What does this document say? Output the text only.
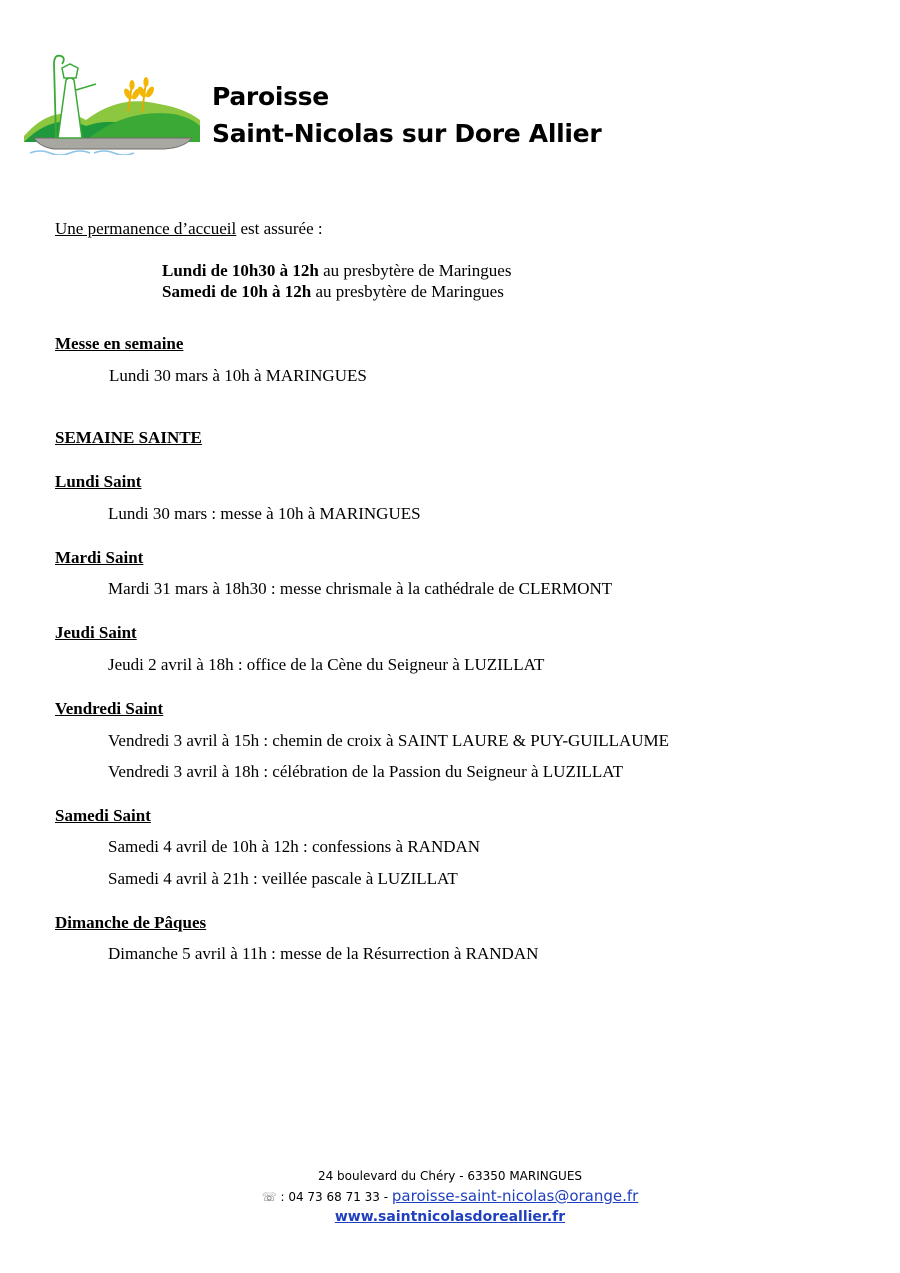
Paroisse
Saint-Nicolas sur Dore Allier
Une permanence d’accueil est assurée :
Lundi de 10h30 à 12h au presbytère de Maringues
Samedi de 10h à 12h au presbytère de Maringues
Messe en semaine
Lundi 30 mars à 10h à MARINGUES
SEMAINE SAINTE
Lundi Saint
Lundi 30 mars : messe à 10h à MARINGUES
Mardi Saint
Mardi 31 mars à 18h30 : messe chrismale à la cathédrale de CLERMONT
Jeudi Saint
Jeudi 2 avril à 18h : office de la Cène du Seigneur à LUZILLAT
Vendredi Saint
Vendredi 3 avril à 15h : chemin de croix à SAINT LAURE & PUY-GUILLAUME
Vendredi 3 avril à 18h : célébration de la Passion du Seigneur à LUZILLAT
Samedi Saint
Samedi 4 avril de 10h à 12h : confessions à RANDAN
Samedi 4 avril à 21h : veillée pascale à LUZILLAT
Dimanche de Pâques
Dimanche 5 avril à 11h : messe de la Résurrection à RANDAN
24 boulevard du Chéry - 63350 MARINGUES
☏ : 04 73 68 71 33 - paroisse-saint-nicolas@orange.fr
www.saintnicolasdoreallier.fr
